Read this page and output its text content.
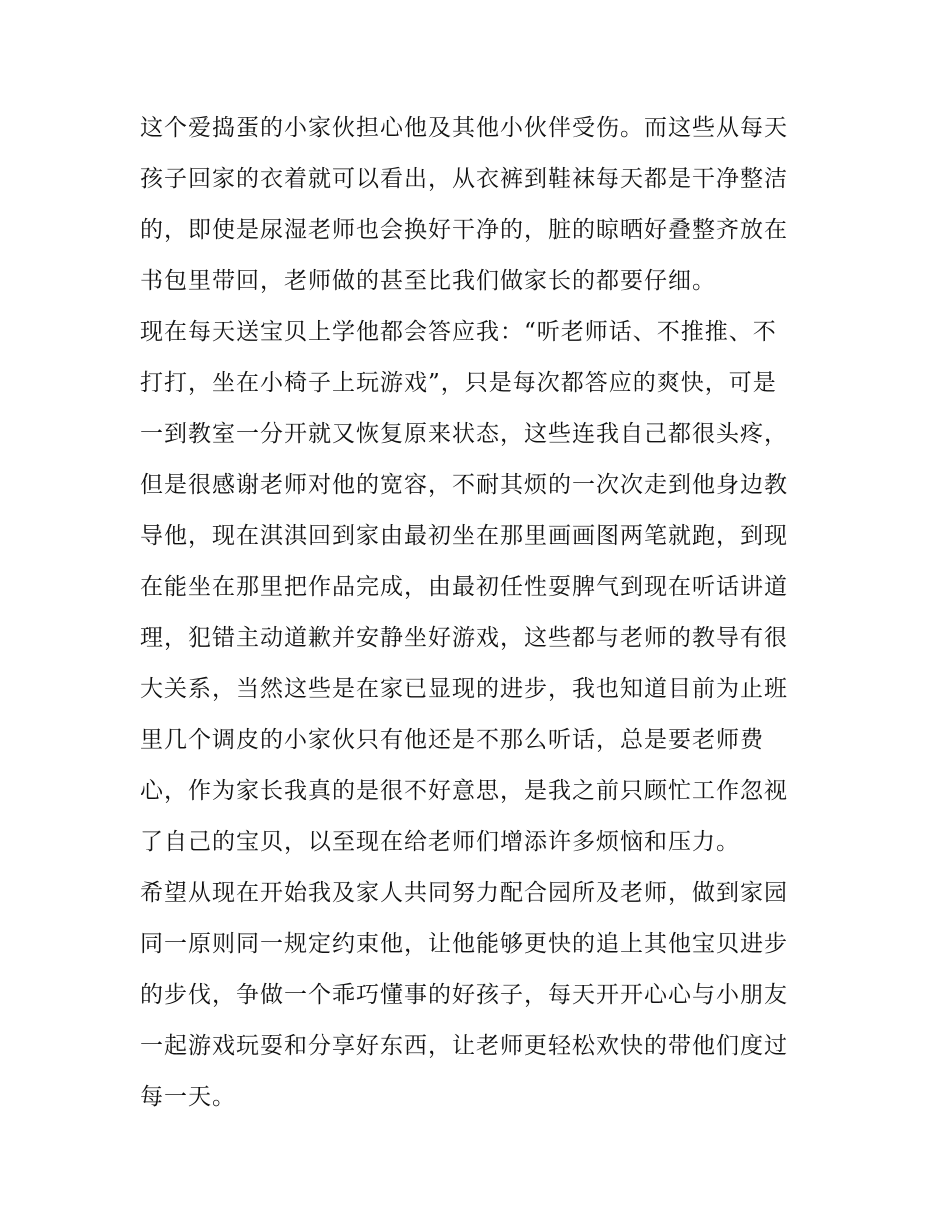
这个爱捣蛋的小家伙担心他及其他小伙伴受伤。而这些从每天
孩子回家的衣着就可以看出，从衣裤到鞋袜每天都是干净整洁
的，即使是尿湿老师也会换好干净的，脏的晾晒好叠整齐放在
书包里带回，老师做的甚至比我们做家长的都要仔细。
现在每天送宝贝上学他都会答应我：“听老师话、不推推、不
打打，坐在小椅子上玩游戏”，只是每次都答应的爽快，可是
一到教室一分开就又恢复原来状态，这些连我自己都很头疼，
但是很感谢老师对他的宽容，不耐其烦的一次次走到他身边教
导他，现在淇淇回到家由最初坐在那里画画图两笔就跑，到现
在能坐在那里把作品完成，由最初任性耍脾气到现在听话讲道
理，犯错主动道歉并安静坐好游戏，这些都与老师的教导有很
大关系，当然这些是在家已显现的进步，我也知道目前为止班
里几个调皮的小家伙只有他还是不那么听话，总是要老师费
心，作为家长我真的是很不好意思，是我之前只顾忙工作忽视
了自己的宝贝，以至现在给老师们增添许多烦恼和压力。
希望从现在开始我及家人共同努力配合园所及老师，做到家园
同一原则同一规定约束他，让他能够更快的追上其他宝贝进步
的步伐，争做一个乖巧懂事的好孩子，每天开开心心与小朋友
一起游戏玩耍和分享好东西，让老师更轻松欢快的带他们度过
每一天。
